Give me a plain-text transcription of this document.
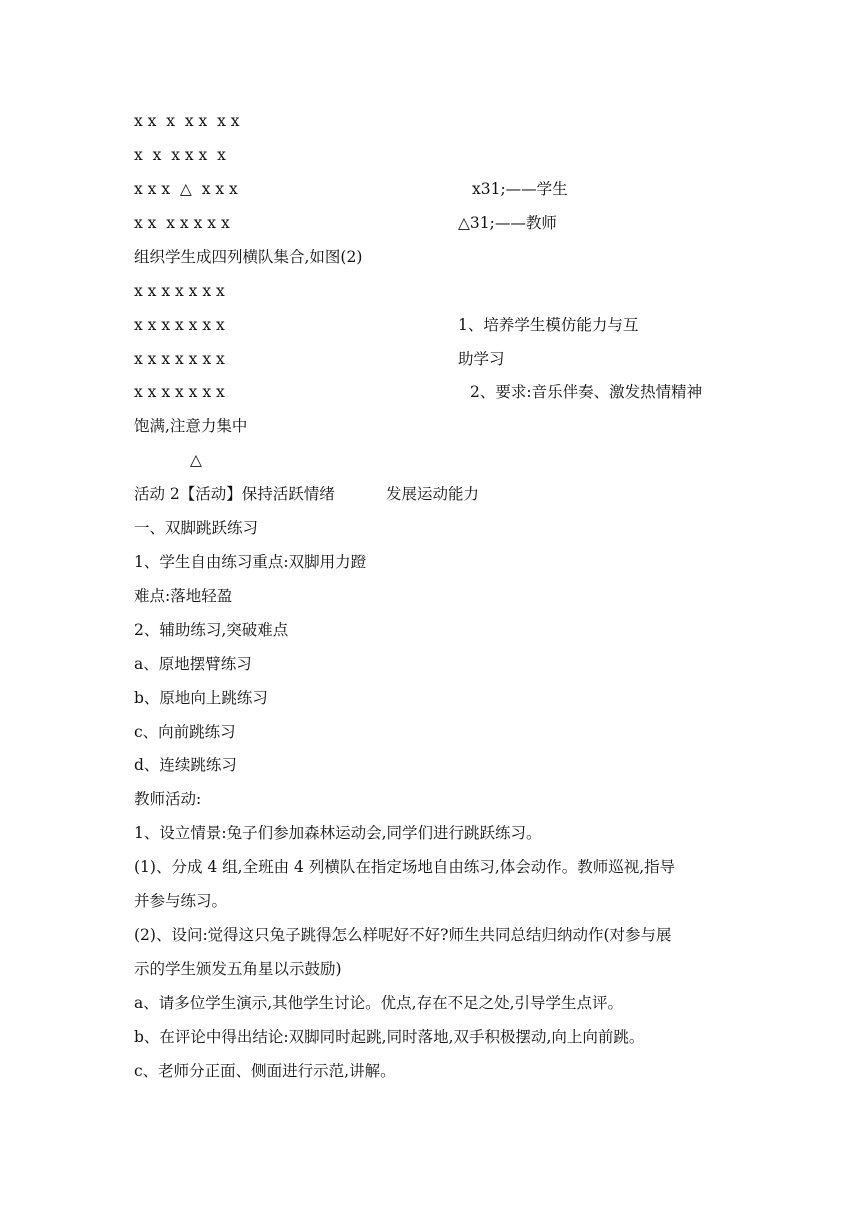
x x  x  x x  x x
x  x  x x x  x
x x x  △  x x x	x31;——学生
x x  x x x x x	△31;——教师
组织学生成四列横队集合,如图(2)
x x x x x x x
x x x x x x x	1、培养学生模仿能力与互
x x x x x x x	助学习
x x x x x x x	2、要求:音乐伴奏、激发热情精神
饱满,注意力集中
△
活动 2【活动】保持活跃情绪	发展运动能力
一、双脚跳跃练习
1、学生自由练习重点:双脚用力蹬
难点:落地轻盈
2、辅助练习,突破难点
a、原地摆臂练习
b、原地向上跳练习
c、向前跳练习
d、连续跳练习
教师活动:
1、设立情景:兔子们参加森林运动会,同学们进行跳跃练习。
(1)、分成 4 组,全班由 4 列横队在指定场地自由练习,体会动作。教师巡视,指导
并参与练习。
(2)、设问:觉得这只兔子跳得怎么样呢好不好?师生共同总结归纳动作(对参与展
示的学生颁发五角星以示鼓励)
a、请多位学生演示,其他学生讨论。优点,存在不足之处,引导学生点评。
b、在评论中得出结论:双脚同时起跳,同时落地,双手积极摆动,向上向前跳。
c、老师分正面、侧面进行示范,讲解。
